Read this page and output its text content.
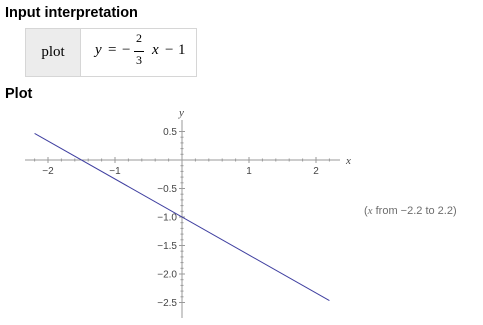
Input interpretation
plot	y = −
2
3
x − 1
Plot
−2	−1	1	2
0.5
−0.5
−1.0
−1.5
−2.0
−2.5
x
y
(x from −2.2 to 2.2)
